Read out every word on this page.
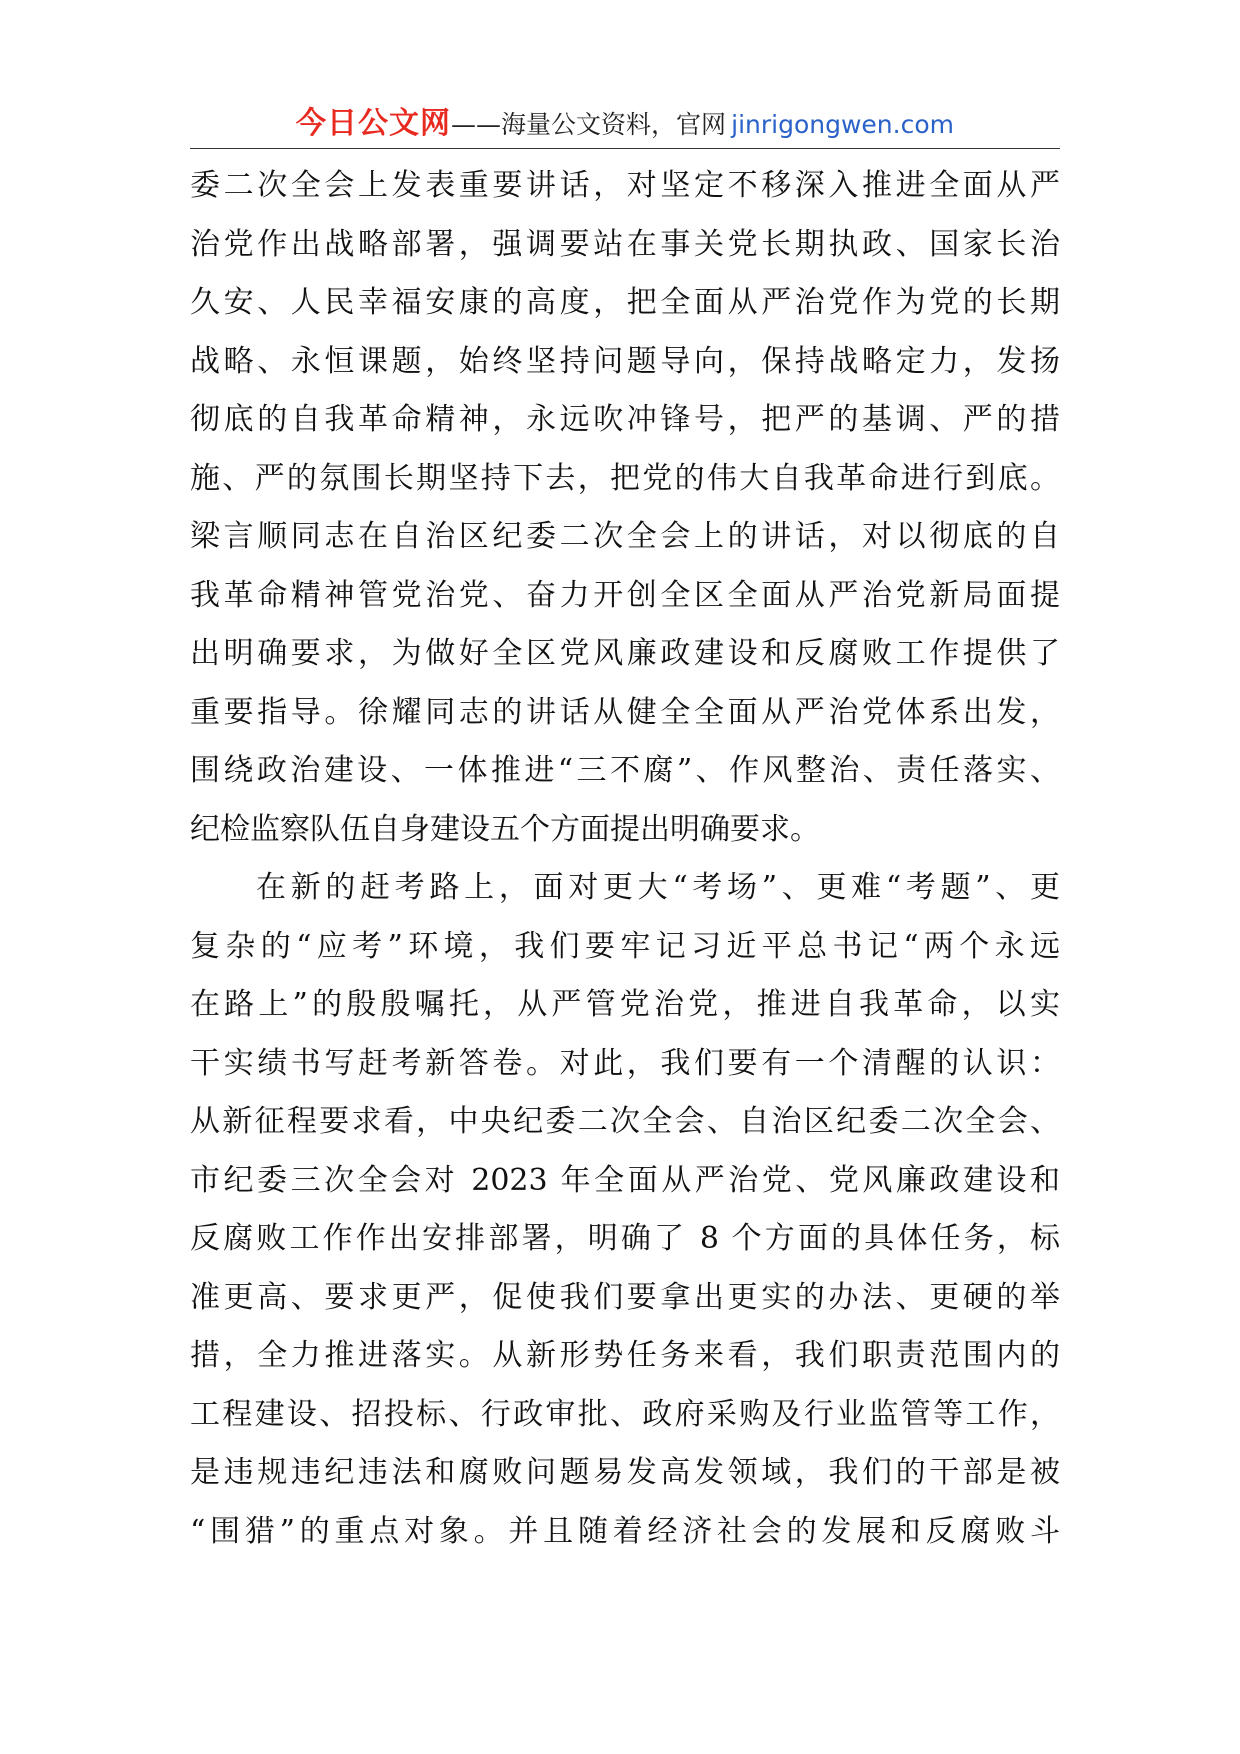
今日公文网——海量公文资料，官网 jinrigongwen.com
委二次全会上发表重要讲话，对坚定不移深入推进全面从严
治党作出战略部署，强调要站在事关党长期执政、国家长治
久安、人民幸福安康的高度，把全面从严治党作为党的长期
战略、永恒课题，始终坚持问题导向，保持战略定力，发扬
彻底的自我革命精神，永远吹冲锋号，把严的基调、严的措
施、严的氛围长期坚持下去，把党的伟大自我革命进行到底。
梁言顺同志在自治区纪委二次全会上的讲话，对以彻底的自
我革命精神管党治党、奋力开创全区全面从严治党新局面提
出明确要求，为做好全区党风廉政建设和反腐败工作提供了
重要指导。徐耀同志的讲话从健全全面从严治党体系出发，
围绕政治建设、一体推进“三不腐”、作风整治、责任落实、
纪检监察队伍自身建设五个方面提出明确要求。
在新的赶考路上，面对更大“考场”、更难“考题”、更
复杂的“应考”环境，我们要牢记习近平总书记“两个永远
在路上”的殷殷嘱托，从严管党治党，推进自我革命，以实
干实绩书写赶考新答卷。对此，我们要有一个清醒的认识：
从新征程要求看，中央纪委二次全会、自治区纪委二次全会、
市纪委三次全会对 2023 年全面从严治党、党风廉政建设和
反腐败工作作出安排部署，明确了 8 个方面的具体任务，标
准更高、要求更严，促使我们要拿出更实的办法、更硬的举
措，全力推进落实。从新形势任务来看，我们职责范围内的
工程建设、招投标、行政审批、政府采购及行业监管等工作，
是违规违纪违法和腐败问题易发高发领域，我们的干部是被
“围猎”的重点对象。并且随着经济社会的发展和反腐败斗
